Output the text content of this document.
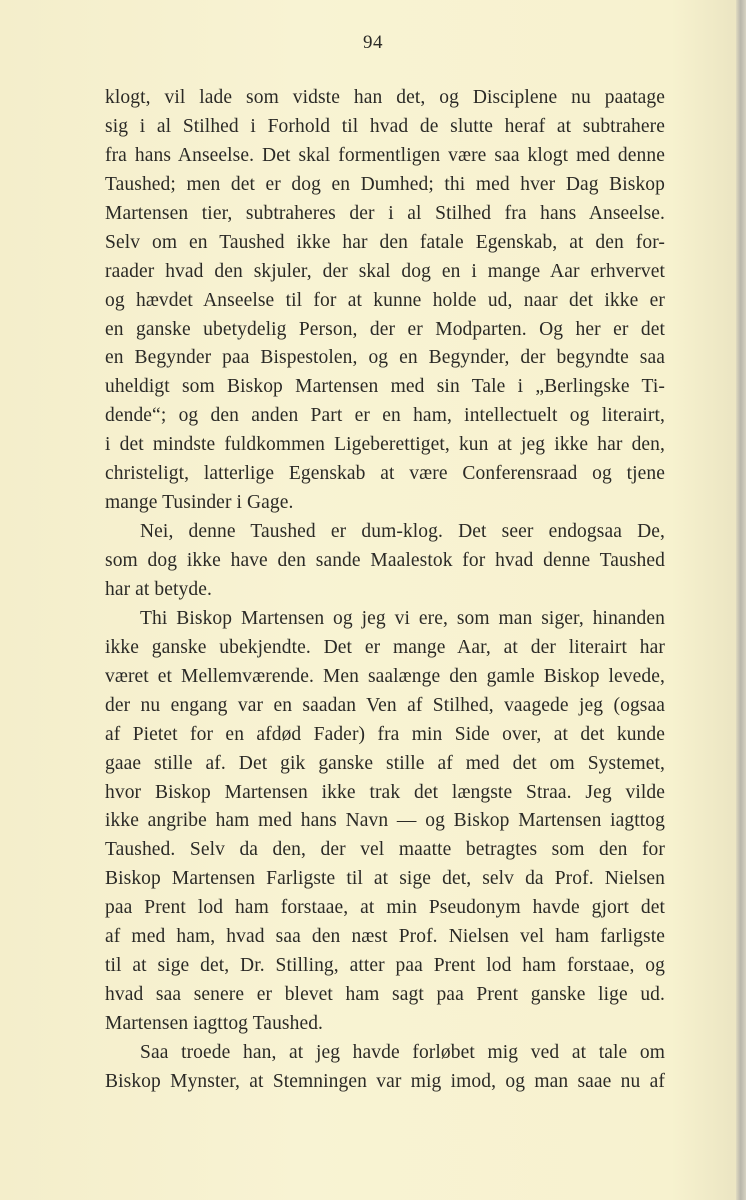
94
klogt, vil lade som vidste han det, og Disciplene nu paatage
sig i al Stilhed i Forhold til hvad de slutte heraf at subtrahere
fra hans Anseelse. Det skal formentligen være saa klogt med denne
Taushed; men det er dog en Dumhed; thi med hver Dag Biskop
Martensen tier, subtraheres der i al Stilhed fra hans Anseelse.
Selv om en Taushed ikke har den fatale Egenskab, at den for-
raader hvad den skjuler, der skal dog en i mange Aar erhvervet
og hævdet Anseelse til for at kunne holde ud, naar det ikke er
en ganske ubetydelig Person, der er Modparten. Og her er det
en Begynder paa Bispestolen, og en Begynder, der begyndte saa
uheldigt som Biskop Martensen med sin Tale i „Berlingske Ti-
dende“; og den anden Part er en ham, intellectuelt og literairt,
i det mindste fuldkommen Ligeberettiget, kun at jeg ikke har den,
christeligt, latterlige Egenskab at være Conferensraad og tjene
mange Tusinder i Gage.
Nei, denne Taushed er dum-klog. Det seer endogsaa De,
som dog ikke have den sande Maalestok for hvad denne Taushed
har at betyde.
Thi Biskop Martensen og jeg vi ere, som man siger, hinanden
ikke ganske ubekjendte. Det er mange Aar, at der literairt har
været et Mellemværende. Men saalænge den gamle Biskop levede,
der nu engang var en saadan Ven af Stilhed, vaagede jeg (ogsaa
af Pietet for en afdød Fader) fra min Side over, at det kunde
gaae stille af. Det gik ganske stille af med det om Systemet,
hvor Biskop Martensen ikke trak det længste Straa. Jeg vilde
ikke angribe ham med hans Navn — og Biskop Martensen iagttog
Taushed. Selv da den, der vel maatte betragtes som den for
Biskop Martensen Farligste til at sige det, selv da Prof. Nielsen
paa Prent lod ham forstaae, at min Pseudonym havde gjort det
af med ham, hvad saa den næst Prof. Nielsen vel ham farligste
til at sige det, Dr. Stilling, atter paa Prent lod ham forstaae, og
hvad saa senere er blevet ham sagt paa Prent ganske lige ud.
Martensen iagttog Taushed.
Saa troede han, at jeg havde forløbet mig ved at tale om
Biskop Mynster, at Stemningen var mig imod, og man saae nu af
